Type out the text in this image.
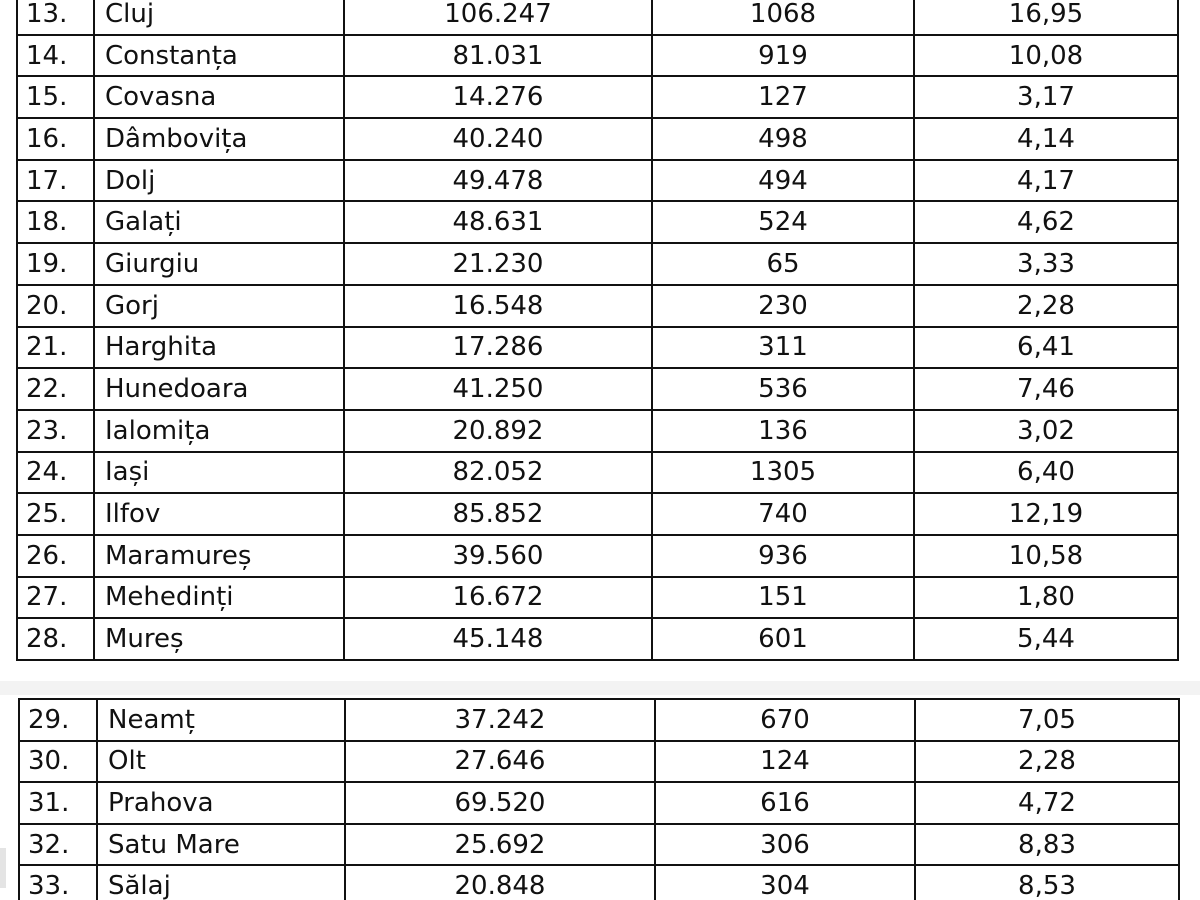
13.	Cluj	106.247	1068	16,95
14.	Constanța	81.031	919	10,08
15.	Covasna	14.276	127	3,17
16.	Dâmbovița	40.240	498	4,14
17.	Dolj	49.478	494	4,17
18.	Galați	48.631	524	4,62
19.	Giurgiu	21.230	65	3,33
20.	Gorj	16.548	230	2,28
21.	Harghita	17.286	311	6,41
22.	Hunedoara	41.250	536	7,46
23.	Ialomița	20.892	136	3,02
24.	Iași	82.052	1305	6,40
25.	Ilfov	85.852	740	12,19
26.	Maramureș	39.560	936	10,58
27.	Mehedinți	16.672	151	1,80
28.	Mureș	45.148	601	5,44
29.	Neamț	37.242	670	7,05
30.	Olt	27.646	124	2,28
31.	Prahova	69.520	616	4,72
32.	Satu Mare	25.692	306	8,83
33.	Sălaj	20.848	304	8,53
